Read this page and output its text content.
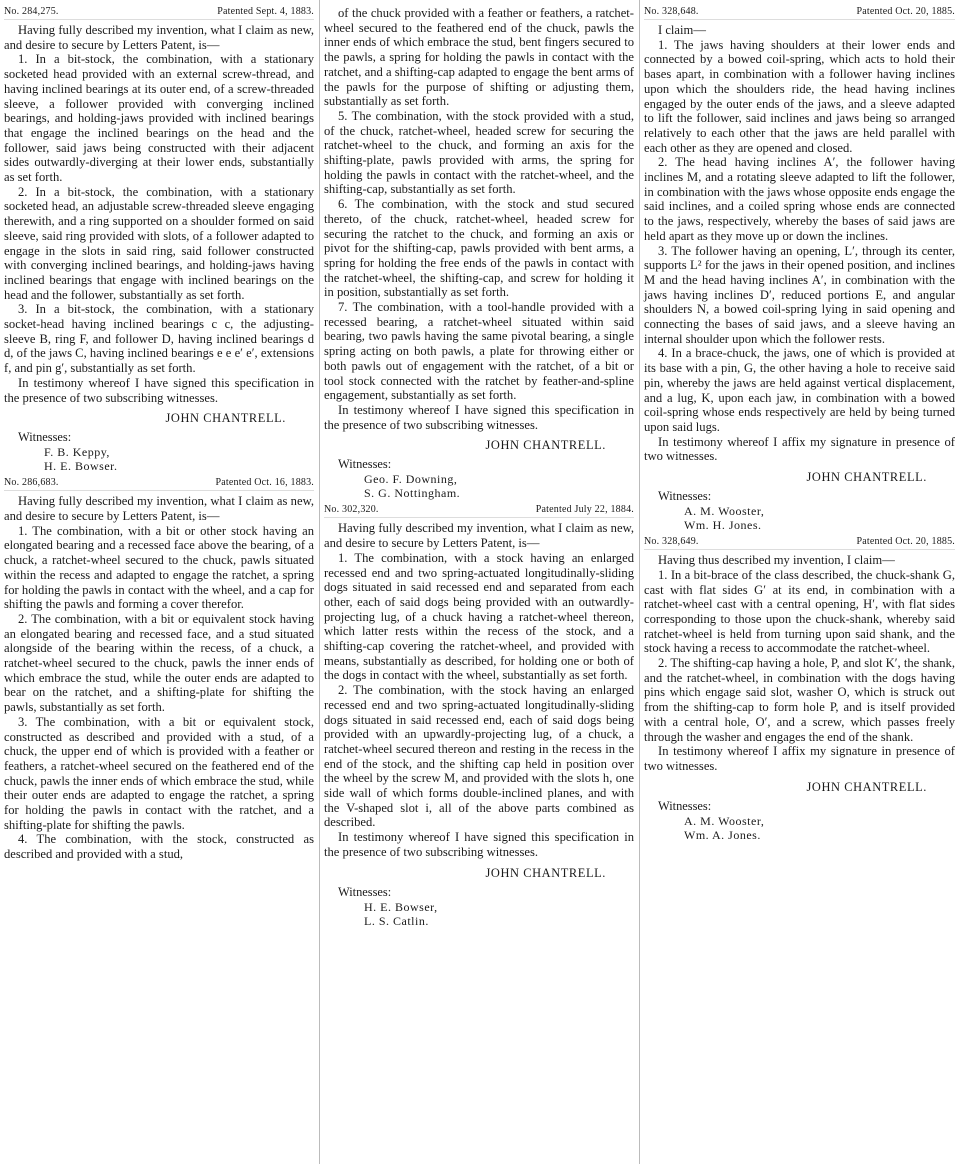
No. 284,275.	Patented Sept. 4, 1883.

Having fully described my invention, what I claim as new, and desire to secure by Letters Patent, is—

1. In a bit-stock, the combination, with a stationary socketed head provided with an external screw-thread, and having inclined bearings at its outer end, of a screw-threaded sleeve, a follower provided with converging inclined bearings, and holding-jaws provided with inclined bearings that engage the inclined bearings on the head and the follower, said jaws being constructed with their adjacent sides outwardly-diverging at their lower ends, substantially as set forth.

2. In a bit-stock, the combination, with a stationary socketed head, an adjustable screw-threaded sleeve engaging therewith, and a ring supported on a shoulder formed on said sleeve, said ring provided with slots, of a follower adapted to engage in the slots in said ring, said follower constructed with converging inclined bearings, and holding-jaws having inclined bearings that engage with inclined bearings on the head and the follower, substantially as set forth.

3. In a bit-stock, the combination, with a stationary socket-head having inclined bearings c c, the adjusting-sleeve B, ring F, and follower D, having inclined bearings d d, of the jaws C, having inclined bearings e e e′ e′, extensions f, and pin g′, substantially as set forth.

In testimony whereof I have signed this specification in the presence of two subscribing witnesses.

JOHN CHANTRELL.
Witnesses:
F. B. Keppy,
H. E. Bowser.
No. 286,683.	Patented Oct. 16, 1883.

Having fully described my invention, what I claim as new, and desire to secure by Letters Patent, is—

1. The combination, with a bit or other stock having an elongated bearing and a recessed face above the bearing, of a chuck, a ratchet-wheel secured to the chuck, pawls situated within the recess and adapted to engage the ratchet, a spring for holding the pawls in contact with the wheel, and a cap for shifting the pawls and forming a cover therefor.

2. The combination, with a bit or equivalent stock having an elongated bearing and recessed face, and a stud situated alongside of the bearing within the recess, of a chuck, a ratchet-wheel secured to the chuck, pawls the inner ends of which embrace the stud, while the outer ends are adapted to bear on the ratchet, and a shifting-plate for shifting the pawls, substantially as set forth.

3. The combination, with a bit or equivalent stock, constructed as described and provided with a stud, of a chuck, the upper end of which is provided with a feather or feathers, a ratchet-wheel secured on the feathered end of the chuck, pawls the inner ends of which embrace the stud, while their outer ends are adapted to engage the ratchet, a spring for holding the pawls in contact with the ratchet, and a shifting-plate for shifting the pawls.

4. The combination, with the stock, constructed as described and provided with a stud,

of the chuck provided with a feather or feathers, a ratchet-wheel secured to the feathered end of the chuck, pawls the inner ends of which embrace the stud, bent fingers secured to the pawls, a spring for holding the pawls in contact with the ratchet, and a shifting-cap adapted to engage the bent arms of the pawls for the purpose of shifting or adjusting them, substantially as set forth.

5. The combination, with the stock provided with a stud, of the chuck, ratchet-wheel, headed screw for securing the ratchet-wheel to the chuck, and forming an axis for the shifting-plate, pawls provided with arms, the spring for holding the pawls in contact with the ratchet-wheel, and the shifting-cap, substantially as set forth.

6. The combination, with the stock and stud secured thereto, of the chuck, ratchet-wheel, headed screw for securing the ratchet to the chuck, and forming an axis or pivot for the shifting-cap, pawls provided with bent arms, a spring for holding the free ends of the pawls in contact with the ratchet-wheel, the shifting-cap, and screw for holding it in position, substantially as set forth.

7. The combination, with a tool-handle provided with a recessed bearing, a ratchet-wheel situated within said bearing, two pawls having the same pivotal bearing, a single spring acting on both pawls, a plate for throwing either or both pawls out of engagement with the ratchet, of a bit or tool stock connected with the ratchet by feather-and-spline engagement, substantially as set forth.

In testimony whereof I have signed this specification in the presence of two subscribing witnesses.

JOHN CHANTRELL.
Witnesses:
Geo. F. Downing,
S. G. Nottingham.
No. 302,320.	Patented July 22, 1884.

Having fully described my invention, what I claim as new, and desire to secure by Letters Patent, is—

1. The combination, with a stock having an enlarged recessed end and two spring-actuated longitudinally-sliding dogs situated in said recessed end and separated from each other, each of said dogs being provided with an outwardly-projecting lug, of a chuck having a ratchet-wheel thereon, which latter rests within the recess of the stock, and a shifting-cap covering the ratchet-wheel, and provided with means, substantially as described, for holding one or both of the dogs in contact with the wheel, substantially as set forth.

2. The combination, with the stock having an enlarged recessed end and two spring-actuated longitudinally-sliding dogs situated in said recessed end, each of said dogs being provided with an upwardly-projecting lug, of a chuck, a ratchet-wheel secured thereon and resting in the recess in the end of the stock, and the shifting cap held in position over the wheel by the screw M, and provided with the slots h, one side wall of which forms double-inclined planes, and with the V-shaped slot i, all of the above parts combined as described.

In testimony whereof I have signed this specification in the presence of two subscribing witnesses.

JOHN CHANTRELL.
Witnesses:
H. E. Bowser,
L. S. Catlin.
No. 328,648.	Patented Oct. 20, 1885.

I claim—

1. The jaws having shoulders at their lower ends and connected by a bowed coil-spring, which acts to hold their bases apart, in combination with a follower having inclines upon which the shoulders ride, the head having inclines engaged by the outer ends of the jaws, and a sleeve adapted to lift the follower, said inclines and jaws being so arranged relatively to each other that the jaws are held parallel with each other as they are opened and closed.

2. The head having inclines A′, the follower having inclines M, and a rotating sleeve adapted to lift the follower, in combination with the jaws whose opposite ends engage the said inclines, and a coiled spring whose ends are connected to the jaws, respectively, whereby the bases of said jaws are held apart as they move up or down the inclines.

3. The follower having an opening, L′, through its center, supports L² for the jaws in their opened position, and inclines M and the head having inclines A′, in combination with the jaws having inclines D′, reduced portions E, and angular shoulders N, a bowed coil-spring lying in said opening and connecting the bases of said jaws, and a sleeve having an internal shoulder upon which the follower rests.

4. In a brace-chuck, the jaws, one of which is provided at its base with a pin, G, the other having a hole to receive said pin, whereby the jaws are held against vertical displacement, and a lug, K, upon each jaw, in combination with a bowed coil-spring whose ends respectively are held by being turned upon said lugs.

In testimony whereof I affix my signature in presence of two witnesses.

JOHN CHANTRELL.
Witnesses:
A. M. Wooster,
Wm. H. Jones.
No. 328,649.	Patented Oct. 20, 1885.

Having thus described my invention, I claim—

1. In a bit-brace of the class described, the chuck-shank G, cast with flat sides G′ at its end, in combination with a ratchet-wheel cast with a central opening, H′, with flat sides corresponding to those upon the chuck-shank, whereby said ratchet-wheel is held from turning upon said shank, and the stock having a recess to accommodate the ratchet-wheel.

2. The shifting-cap having a hole, P, and slot K′, the shank, and the ratchet-wheel, in combination with the dogs having pins which engage said slot, washer O, which is struck out from the shifting-cap to form hole P, and is itself provided with a central hole, O′, and a screw, which passes freely through the washer and engages the end of the shank.

In testimony whereof I affix my signature in presence of two witnesses.

JOHN CHANTRELL.
Witnesses:
A. M. Wooster,
Wm. A. Jones.
